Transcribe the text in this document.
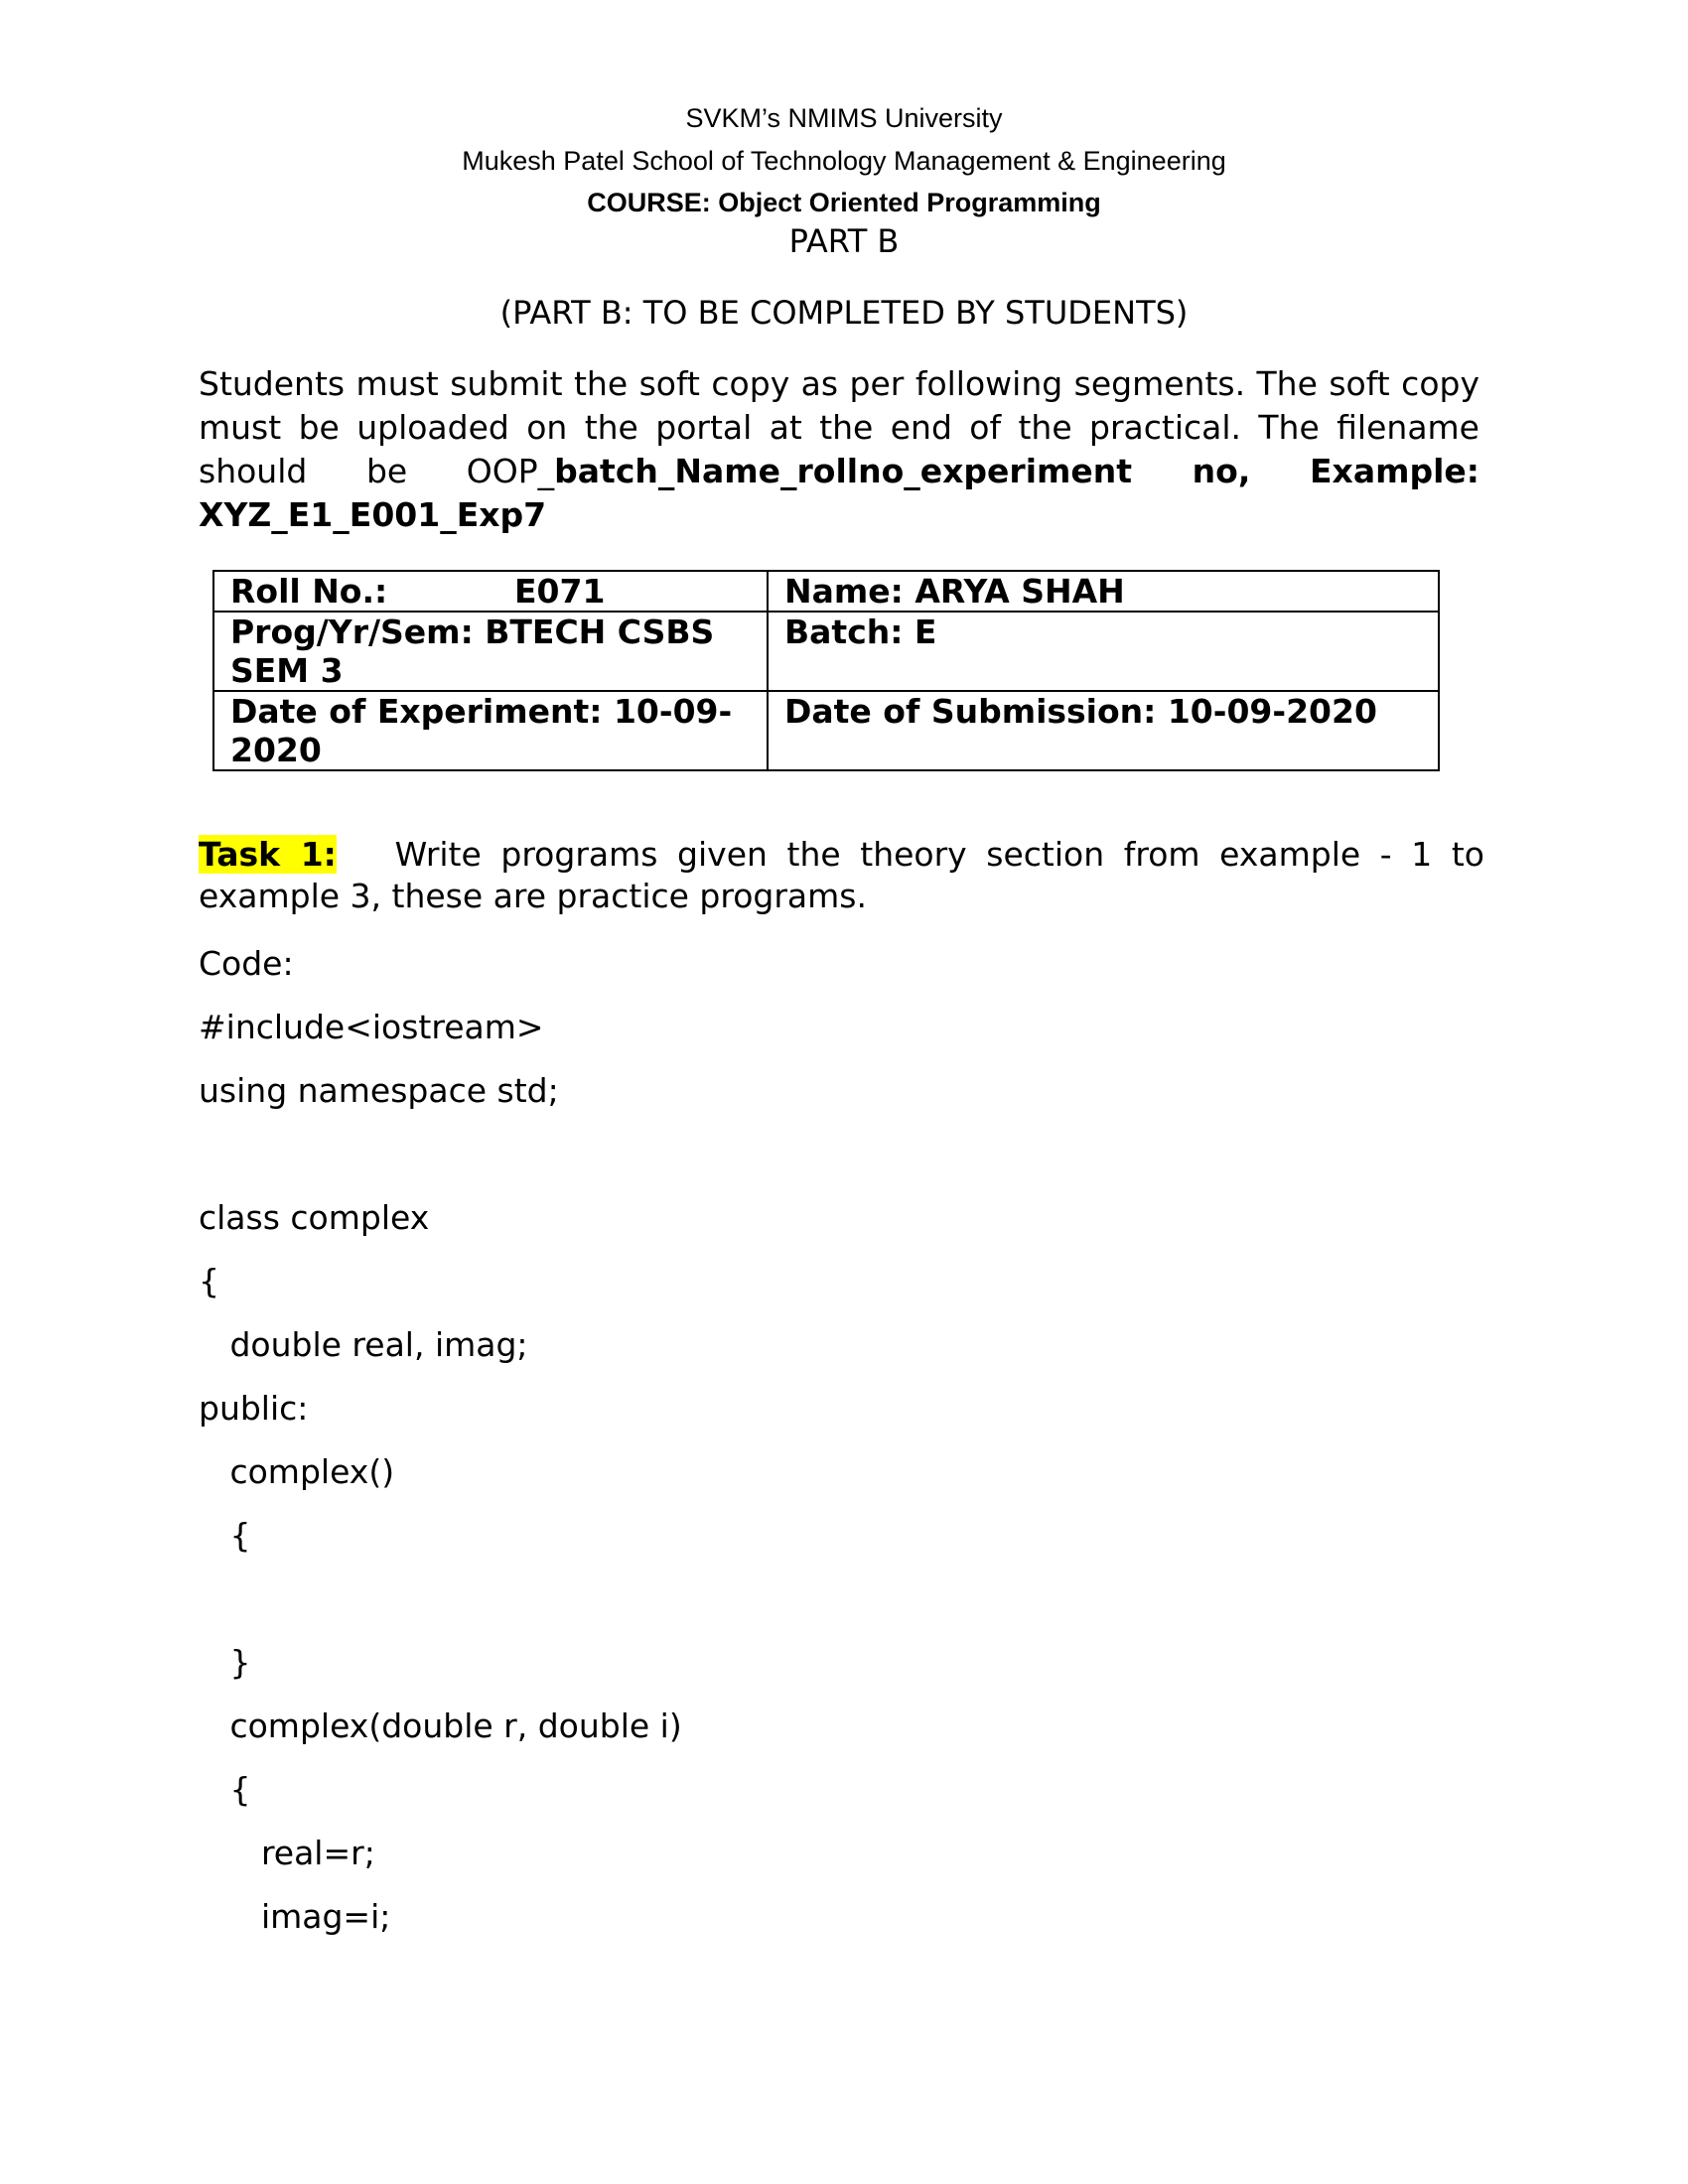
SVKM’s NMIMS University
Mukesh Patel School of Technology Management & Engineering
COURSE: Object Oriented Programming
PART B
(PART B: TO BE COMPLETED BY STUDENTS)
Students must submit the soft copy as per following segments. The soft copy
must be uploaded on the portal at the end of the practical. The filename
should be OOP_batch_Name_rollno_experiment no, Example:
XYZ_E1_E001_Exp7
Roll No.: E071	Name: ARYA SHAH
Prog/Yr/Sem: BTECH CSBS SEM 3	Batch: E
Date of Experiment: 10-09-2020	Date of Submission: 10-09-2020
Task 1: Write programs given the theory section from example - 1 to example 3, these are practice programs.
Code:
#include<iostream>
using namespace std;
class complex
{
double real, imag;
public:
complex()
{
}
complex(double r, double i)
{
real=r;
imag=i;
